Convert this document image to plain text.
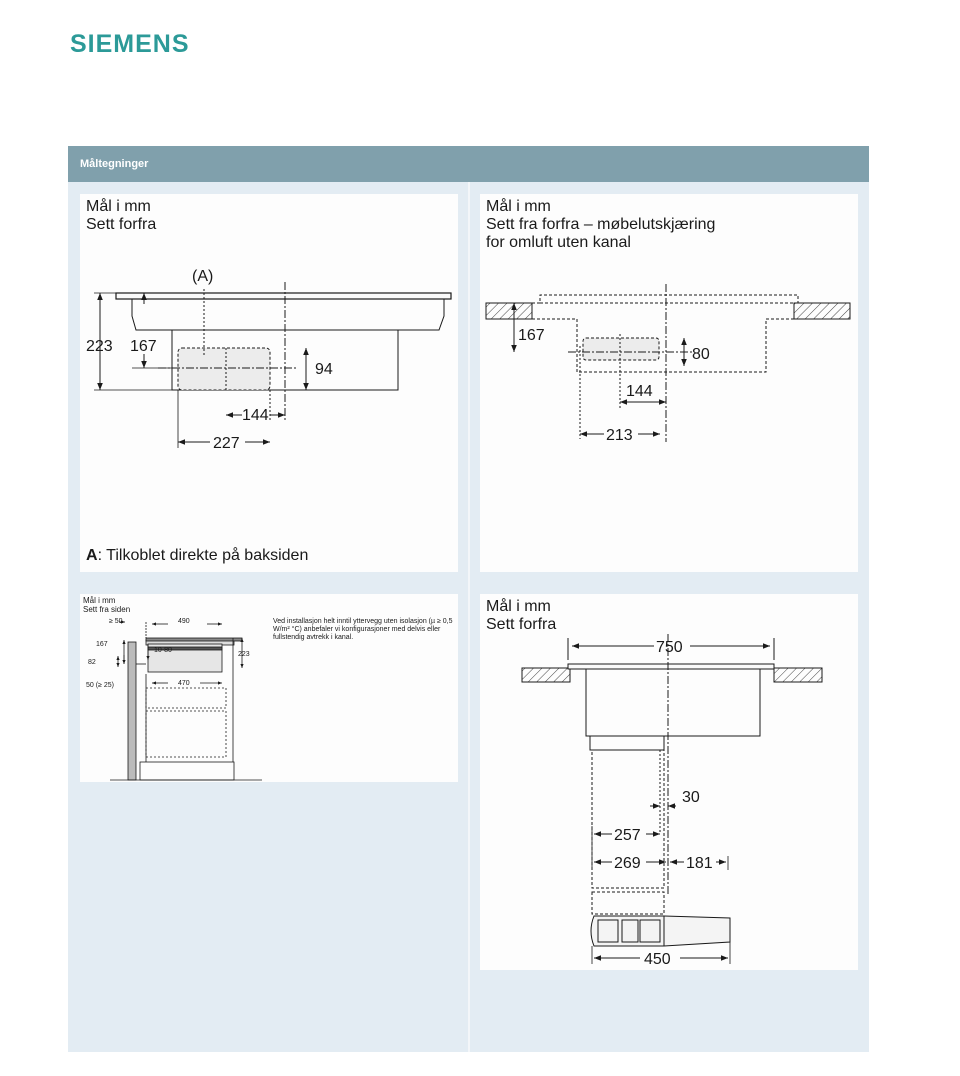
SIEMENS
Måltegninger
Mål i mm
Sett forfra
(A)
223 167
94
144
227
A: Tilkoblet direkte på baksiden
Mål i mm
Sett fra forfra – møbelutskjæring
for omluft uten kanal
167
80
144
213
Mål i mm
Sett fra siden
Ved installasjon helt inntil yttervegg uten isolasjon (µ ≥ 0,5 W/m² °C) anbefaler vi konfigurasjoner med delvis eller fullstendig avtrekk i kanal.
≥ 50	490
167
10-80
223
82
470
50 (≥ 25)
Mål i mm
Sett forfra
750
30
257
269	181
450
